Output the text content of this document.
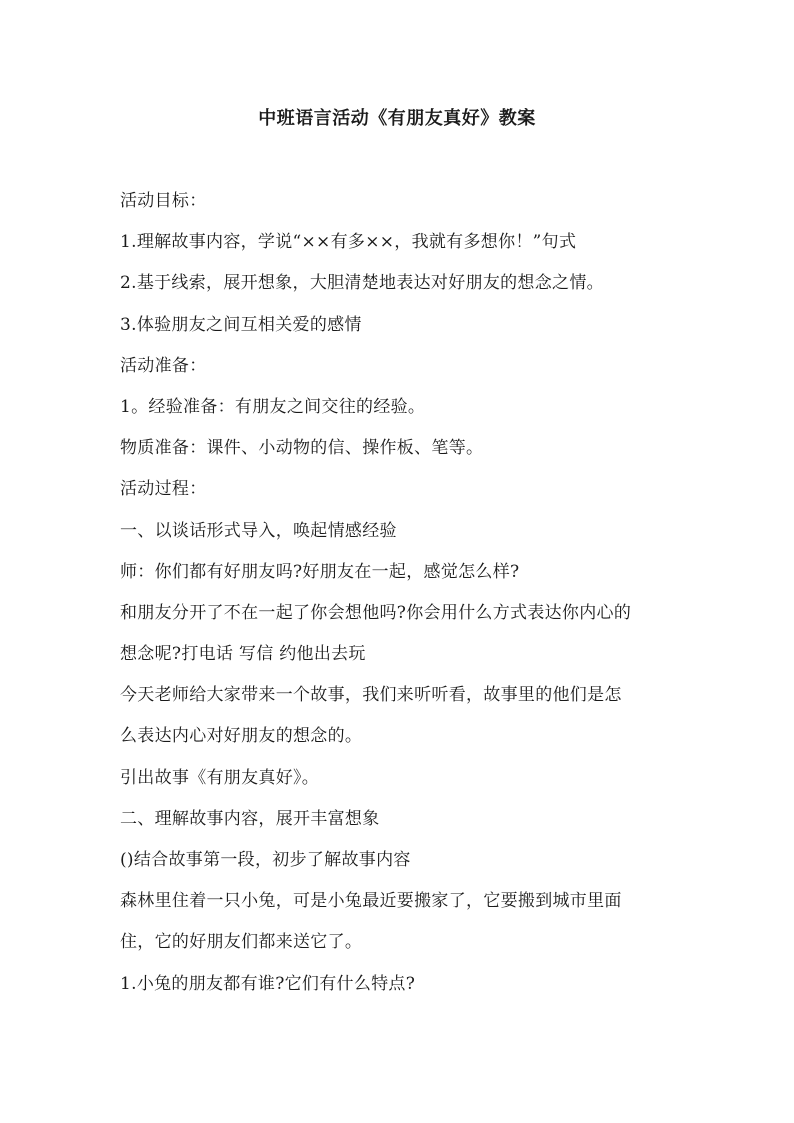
中班语言活动《有朋友真好》教案
活动目标：
1.理解故事内容，学说“××有多××，我就有多想你！”句式
2.基于线索，展开想象，大胆清楚地表达对好朋友的想念之情。
3.体验朋友之间互相关爱的感情
活动准备：
1。经验准备：有朋友之间交往的经验。
物质准备：课件、小动物的信、操作板、笔等。
活动过程：
一、以谈话形式导入，唤起情感经验
师：你们都有好朋友吗?好朋友在一起，感觉怎么样?
和朋友分开了不在一起了你会想他吗?你会用什么方式表达你内心的
想念呢?打电话 写信 约他出去玩
今天老师给大家带来一个故事，我们来听听看，故事里的他们是怎
么表达内心对好朋友的想念的。
引出故事《有朋友真好》。
二、理解故事内容，展开丰富想象
()结合故事第一段，初步了解故事内容
森林里住着一只小兔，可是小兔最近要搬家了，它要搬到城市里面
住，它的好朋友们都来送它了。
1.小兔的朋友都有谁?它们有什么特点?
